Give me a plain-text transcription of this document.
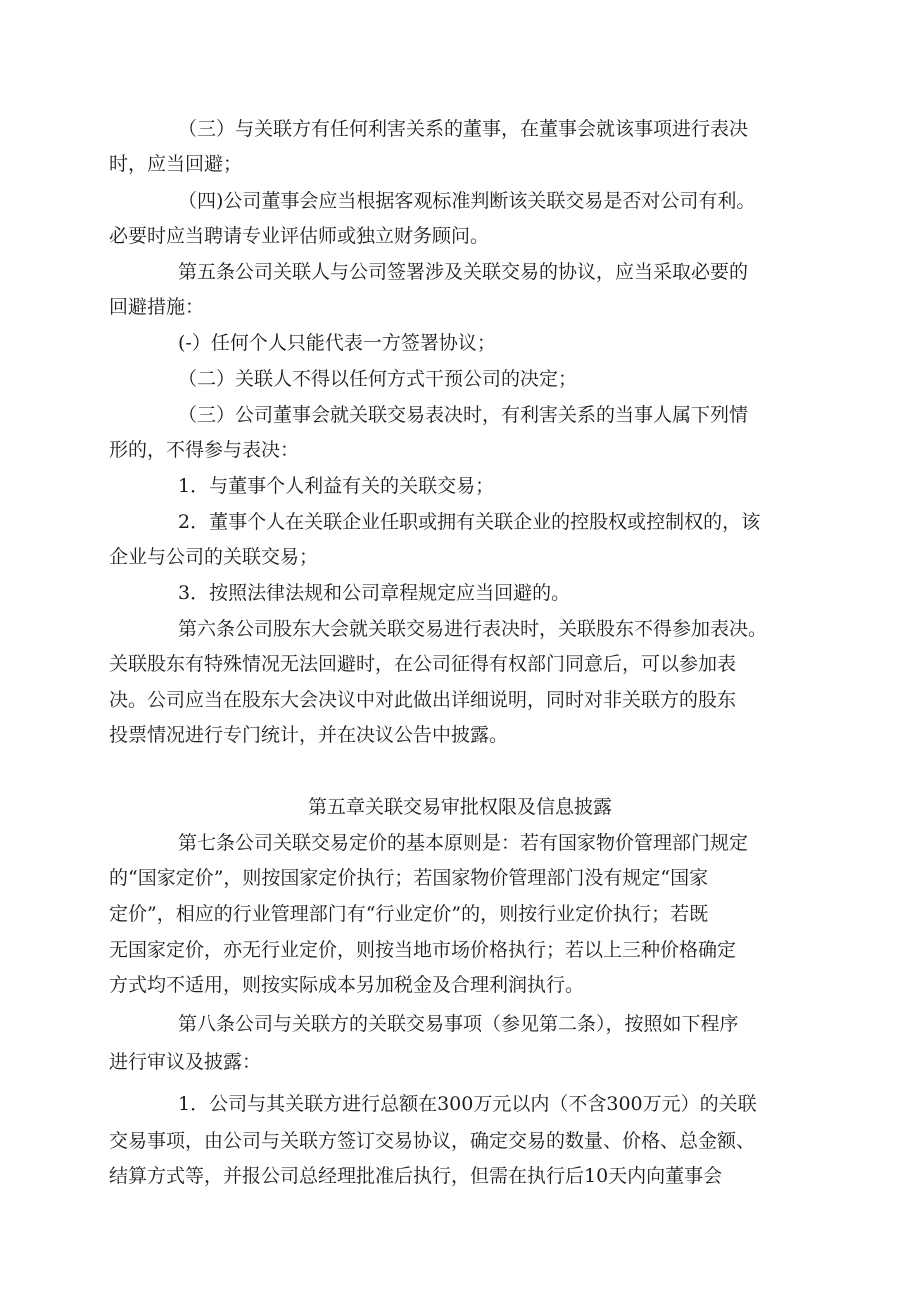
（三）与关联方有任何利害关系的董事，在董事会就该事项进行表决
时，应当回避；
（四)公司董事会应当根据客观标准判断该关联交易是否对公司有利。
必要时应当聘请专业评估师或独立财务顾问。
第五条公司关联人与公司签署涉及关联交易的协议，应当采取必要的
回避措施：
(-）任何个人只能代表一方签署协议；
（二）关联人不得以任何方式干预公司的决定；
（三）公司董事会就关联交易表决时，有利害关系的当事人属下列情
形的，不得参与表决：
1．与董事个人利益有关的关联交易；
2．董事个人在关联企业任职或拥有关联企业的控股权或控制权的，该
企业与公司的关联交易；
3．按照法律法规和公司章程规定应当回避的。
第六条公司股东大会就关联交易进行表决时，关联股东不得参加表决。
关联股东有特殊情况无法回避时，在公司征得有权部门同意后，可以参加表
决。公司应当在股东大会决议中对此做出详细说明，同时对非关联方的股东
投票情况进行专门统计，并在决议公告中披露。
第五章关联交易审批权限及信息披露
第七条公司关联交易定价的基本原则是：若有国家物价管理部门规定
的“国家定价”，则按国家定价执行；若国家物价管理部门没有规定“国家
定价”，相应的行业管理部门有“行业定价”的，则按行业定价执行；若既
无国家定价，亦无行业定价，则按当地市场价格执行；若以上三种价格确定
方式均不适用，则按实际成本另加税金及合理利润执行。
第八条公司与关联方的关联交易事项（参见第二条），按照如下程序
进行审议及披露：
1．公司与其关联方进行总额在300万元以内（不含300万元）的关联
交易事项，由公司与关联方签订交易协议，确定交易的数量、价格、总金额、
结算方式等，并报公司总经理批准后执行，但需在执行后10天内向董事会
